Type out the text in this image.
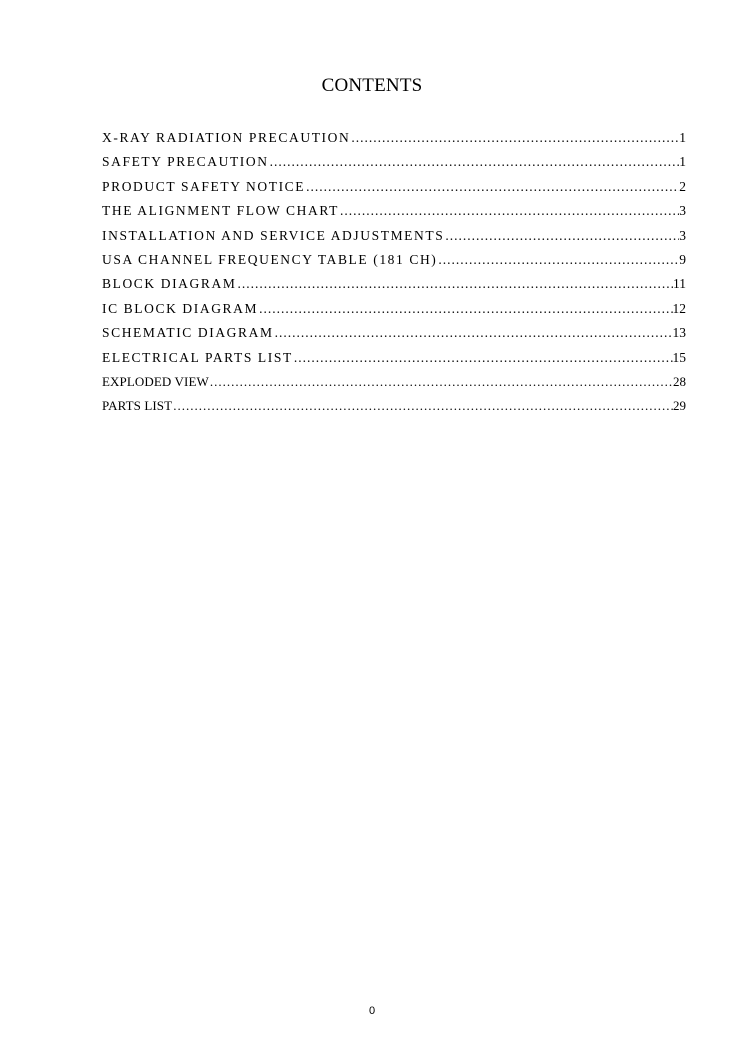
CONTENTS
X-RAY RADIATION PRECAUTION .....	1
SAFETY PRECAUTION .....	1
PRODUCT SAFETY NOTICE .....	2
THE ALIGNMENT FLOW CHART .....	3
INSTALLATION AND SERVICE ADJUSTMENTS .....	3
USA CHANNEL FREQUENCY TABLE (181 CH) .....	9
BLOCK DIAGRAM .....	11
IC BLOCK DIAGRAM .....	12
SCHEMATIC DIAGRAM .....	13
ELECTRICAL PARTS LIST .....	15
EXPLODED VIEW .....	28
PARTS LIST .....	29
0
